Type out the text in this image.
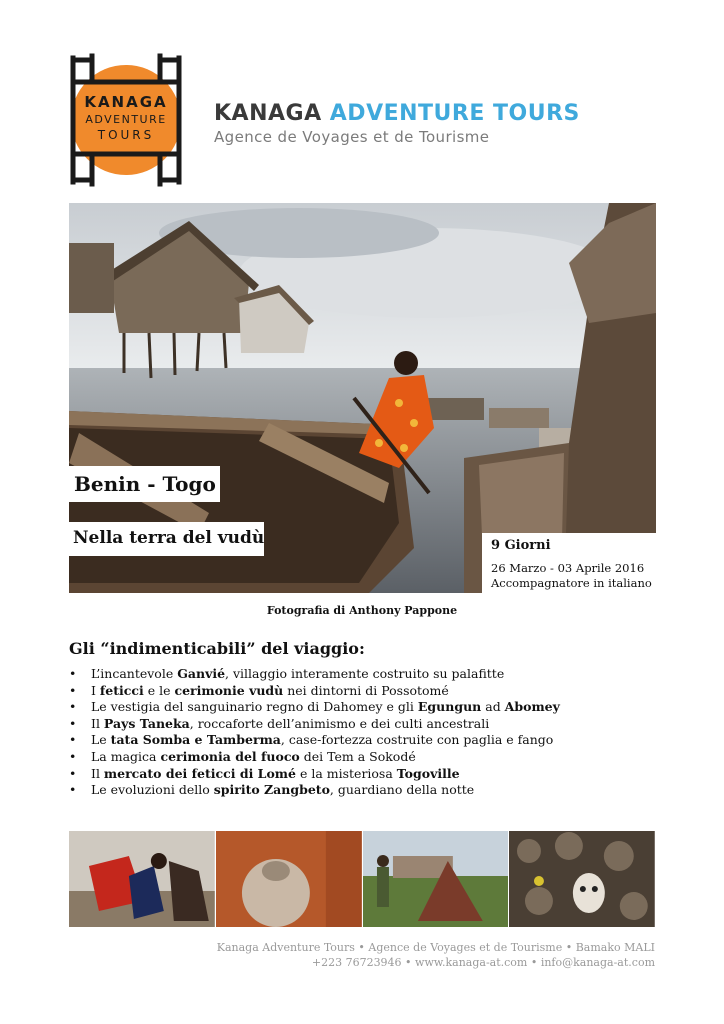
KANAGA
ADVENTURE
TOURS
KANAGA ADVENTURE TOURS
Agence de Voyages et de Tourisme
Benin - Togo
Nella terra del vudù	9 Giorni
26 Marzo - 03 Aprile 2016
Accompagnatore in italiano
Fotografia di Anthony Pappone
Gli “indimenticabili” del viaggio:
• L’incantevole Ganvié, villaggio interamente costruito su palafitte
• I feticci e le cerimonie vudù nei dintorni di Possotomé
• Le vestigia del sanguinario regno di Dahomey e gli Egungun ad Abomey
• Il Pays Taneka, roccaforte dell’animismo e dei culti ancestrali
• Le tata Somba e Tamberma, case-fortezza costruite con paglia e fango
• La magica cerimonia del fuoco dei Tem a Sokodé
• Il mercato dei feticci di Lomé e la misteriosa Togoville
• Le evoluzioni dello spirito Zangbeto, guardiano della notte
Kanaga Adventure Tours • Agence de Voyages et de Tourisme • Bamako MALI
+223 76723946 • www.kanaga-at.com • info@kanaga-at.com
